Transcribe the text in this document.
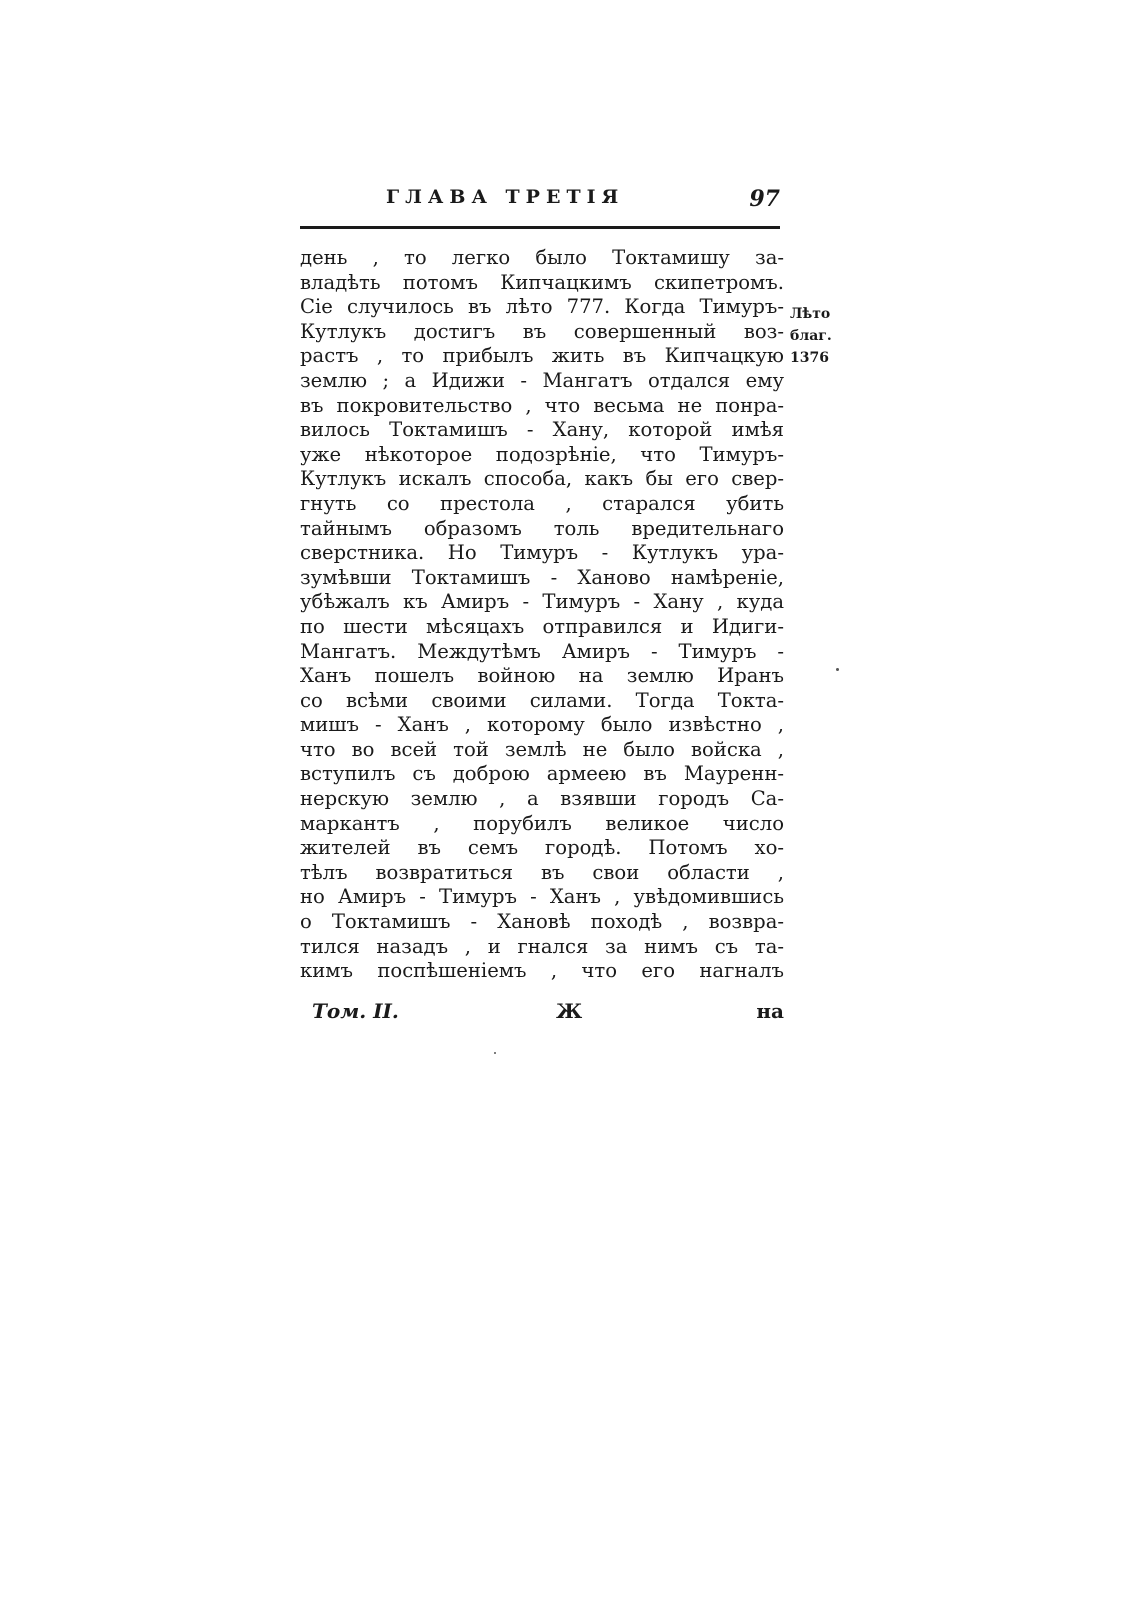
ГЛАВА ТРЕТІЯ	97
день , то легко было Токтамишу за-
владѣть потомъ Кипчацкимъ скипетромъ.
Сіе случилось въ лѣто 777. Когда Тимуръ-
Кутлукъ достигъ въ совершенный воз-
растъ , то прибылъ жить въ Кипчацкую
землю ; а Идижи - Мангатъ отдался ему
въ покровительство , что весьма не понра-
вилось Токтамишъ - Хану, которой имѣя
уже нѣкоторое подозрѣніе, что Тимуръ-
Кутлукъ искалъ способа, какъ бы его свер-
гнуть со престола , старался убить
тайнымъ образомъ толь вредительнаго
сверстника. Но Тимуръ - Кутлукъ ура-
зумѣвши Токтамишъ - Ханово намѣреніе,
убѣжалъ къ Амиръ - Тимуръ - Хану , куда
по шести мѣсяцахъ отправился и Идиги-
Мангатъ. Междутѣмъ Амиръ - Тимуръ -
Ханъ пошелъ войною на землю Иранъ
со всѣми своими силами. Тогда Токта-
мишъ - Ханъ , которому было извѣстно ,
что во всей той землѣ не было войска ,
вступилъ съ доброю армеею въ Мауренн-
нерскую землю , а взявши городъ Са-
маркантъ , порубилъ великое число
жителей въ семъ городѣ. Потомъ хо-
тѣлъ возвратиться въ свои области ,
но Амиръ - Тимуръ - Ханъ , увѣдомившись
о Токтамишъ - Хановѣ походѣ , возвра-
тился назадъ , и гнался за нимъ съ та-
кимъ поспѣшеніемъ , что его нагналъ
Лѣто
благ.
1376
Том. II.	Ж	на
